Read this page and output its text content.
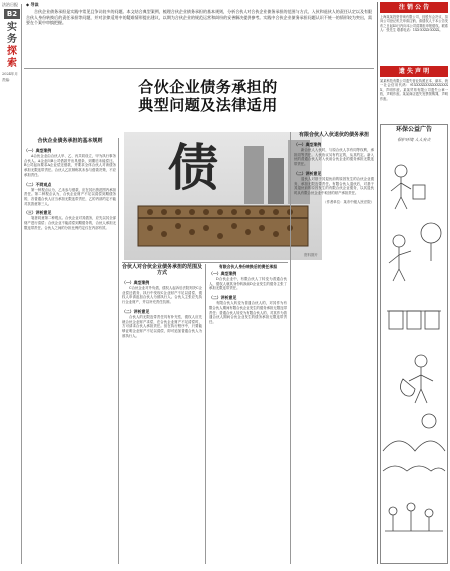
法治日报
B2
实
务
探
索
2024年月
责编：
◆ 导读
合伙企业债务承担是实践中常见且争议较多的问题。本文结合典型案例，梳理合伙企业债务承担的基本规则，分析合伙人对合伙企业债务承担的范围与方式、入伙和退伙人的责任认定以及有限合伙人身份转换后的责任承担等问题，并对法律适用中的疑难情形提出建议，以期为合伙企业的规范运营和纠纷的妥善解决提供参考。实践中合伙企业债务承担问题认识不统一的情形较为突出，需要在个案中审慎把握。
合伙企业债务承担的
典型问题及法律适用
债
资料图片
合伙企业债务承担的基本规则
（一）典型案例
A合伙企业由合伙人甲、乙、丙共同设立，甲为执行事务合伙人。A企业向B公司借款并出具借条，到期后未能偿还。B公司起诉要求A企业偿还借款，并要求全体合伙人对该债务承担无限连带责任。合伙人乙抗辩称其未参与借款决策，不应承担责任。
（二）不同观点
第一种观点认为，乙未参与借款，应在其出资范围内承担责任。第二种观点认为，合伙企业财产不足以清偿到期债务的，各普通合伙人应当承担无限连带责任，乙的内部约定不能对抗善意第三人。
（三）评析意见
笔者同意第二种观点。合伙企业对其债务，应先以其全部财产进行清偿；合伙企业不能清偿到期债务的，合伙人承担无限连带责任。合伙人之间的分担比例约定仅在内部有效。
合伙人对合伙企业债务承担的范围及方式
（一）典型案例
C合伙企业对外负债，债权人起诉后法院判决C企业偿还债务，执行中发现C企业财产不足以清偿，债权人申请追加合伙人为被执行人。合伙人主张应先执行企业财产，并以补充责任抗辩。
（二）评析意见
合伙人的无限连带责任具有补充性，债权人应先就合伙企业财产求偿，在合伙企业财产不足清偿时，方可请求合伙人承担责任。但在执行程序中，只要能够证明企业财产不足以清偿，即可追加普通合伙人为被执行人。
有限合伙人身份转换后的责任承担
（一）典型案例
D合伙企业中，有限合伙人丁转变为普通合伙人，债权人就其身份转换前D企业发生的债务主张丁承担无限连带责任。
（二）评析意见
有限合伙人转变为普通合伙人的，对其作为有限合伙人期间有限合伙企业发生的债务承担无限连带责任；普通合伙人转变为有限合伙人的，对其作为普通合伙人期间合伙企业发生的债务承担无限连带责任。
有限合伙人入伙退伙的债务承担
（一）典型案例
新合伙人入伙时，与原合伙人享有同等权利，承担同等责任。入伙协议另有约定的，从其约定。新入伙的普通合伙人对入伙前合伙企业的债务承担无限连带责任。
（二）评析意见
退伙人对基于其退伙前的原因发生的合伙企业债务，承担无限连带责任。有限合伙人退伙后，对基于其退伙前的原因发生的有限合伙企业债务，以其退伙时从有限合伙企业中取回的财产承担责任。
（作者单位：某市中级人民法院）
注 销 公 告
上海某某投资咨询有限公司，经股东会决议，拟向公司登记机关申请注销，请债权人于本公告发布之日起45日内向本公司清算组申报债权。联系人：张先生 联系电话：1XX-XXXX-XXXX。
遗 失 声 明
某某科技有限公司遗失营业执照正本、副本，统一社会信用代码：91XXXXXXXXXXXXXXXX，声明作废。某某贸易有限公司遗失公章一枚，声明作废。某某商店遗失发票领购簿，声明作废。
环保公益广告
保护环境 人人有责
